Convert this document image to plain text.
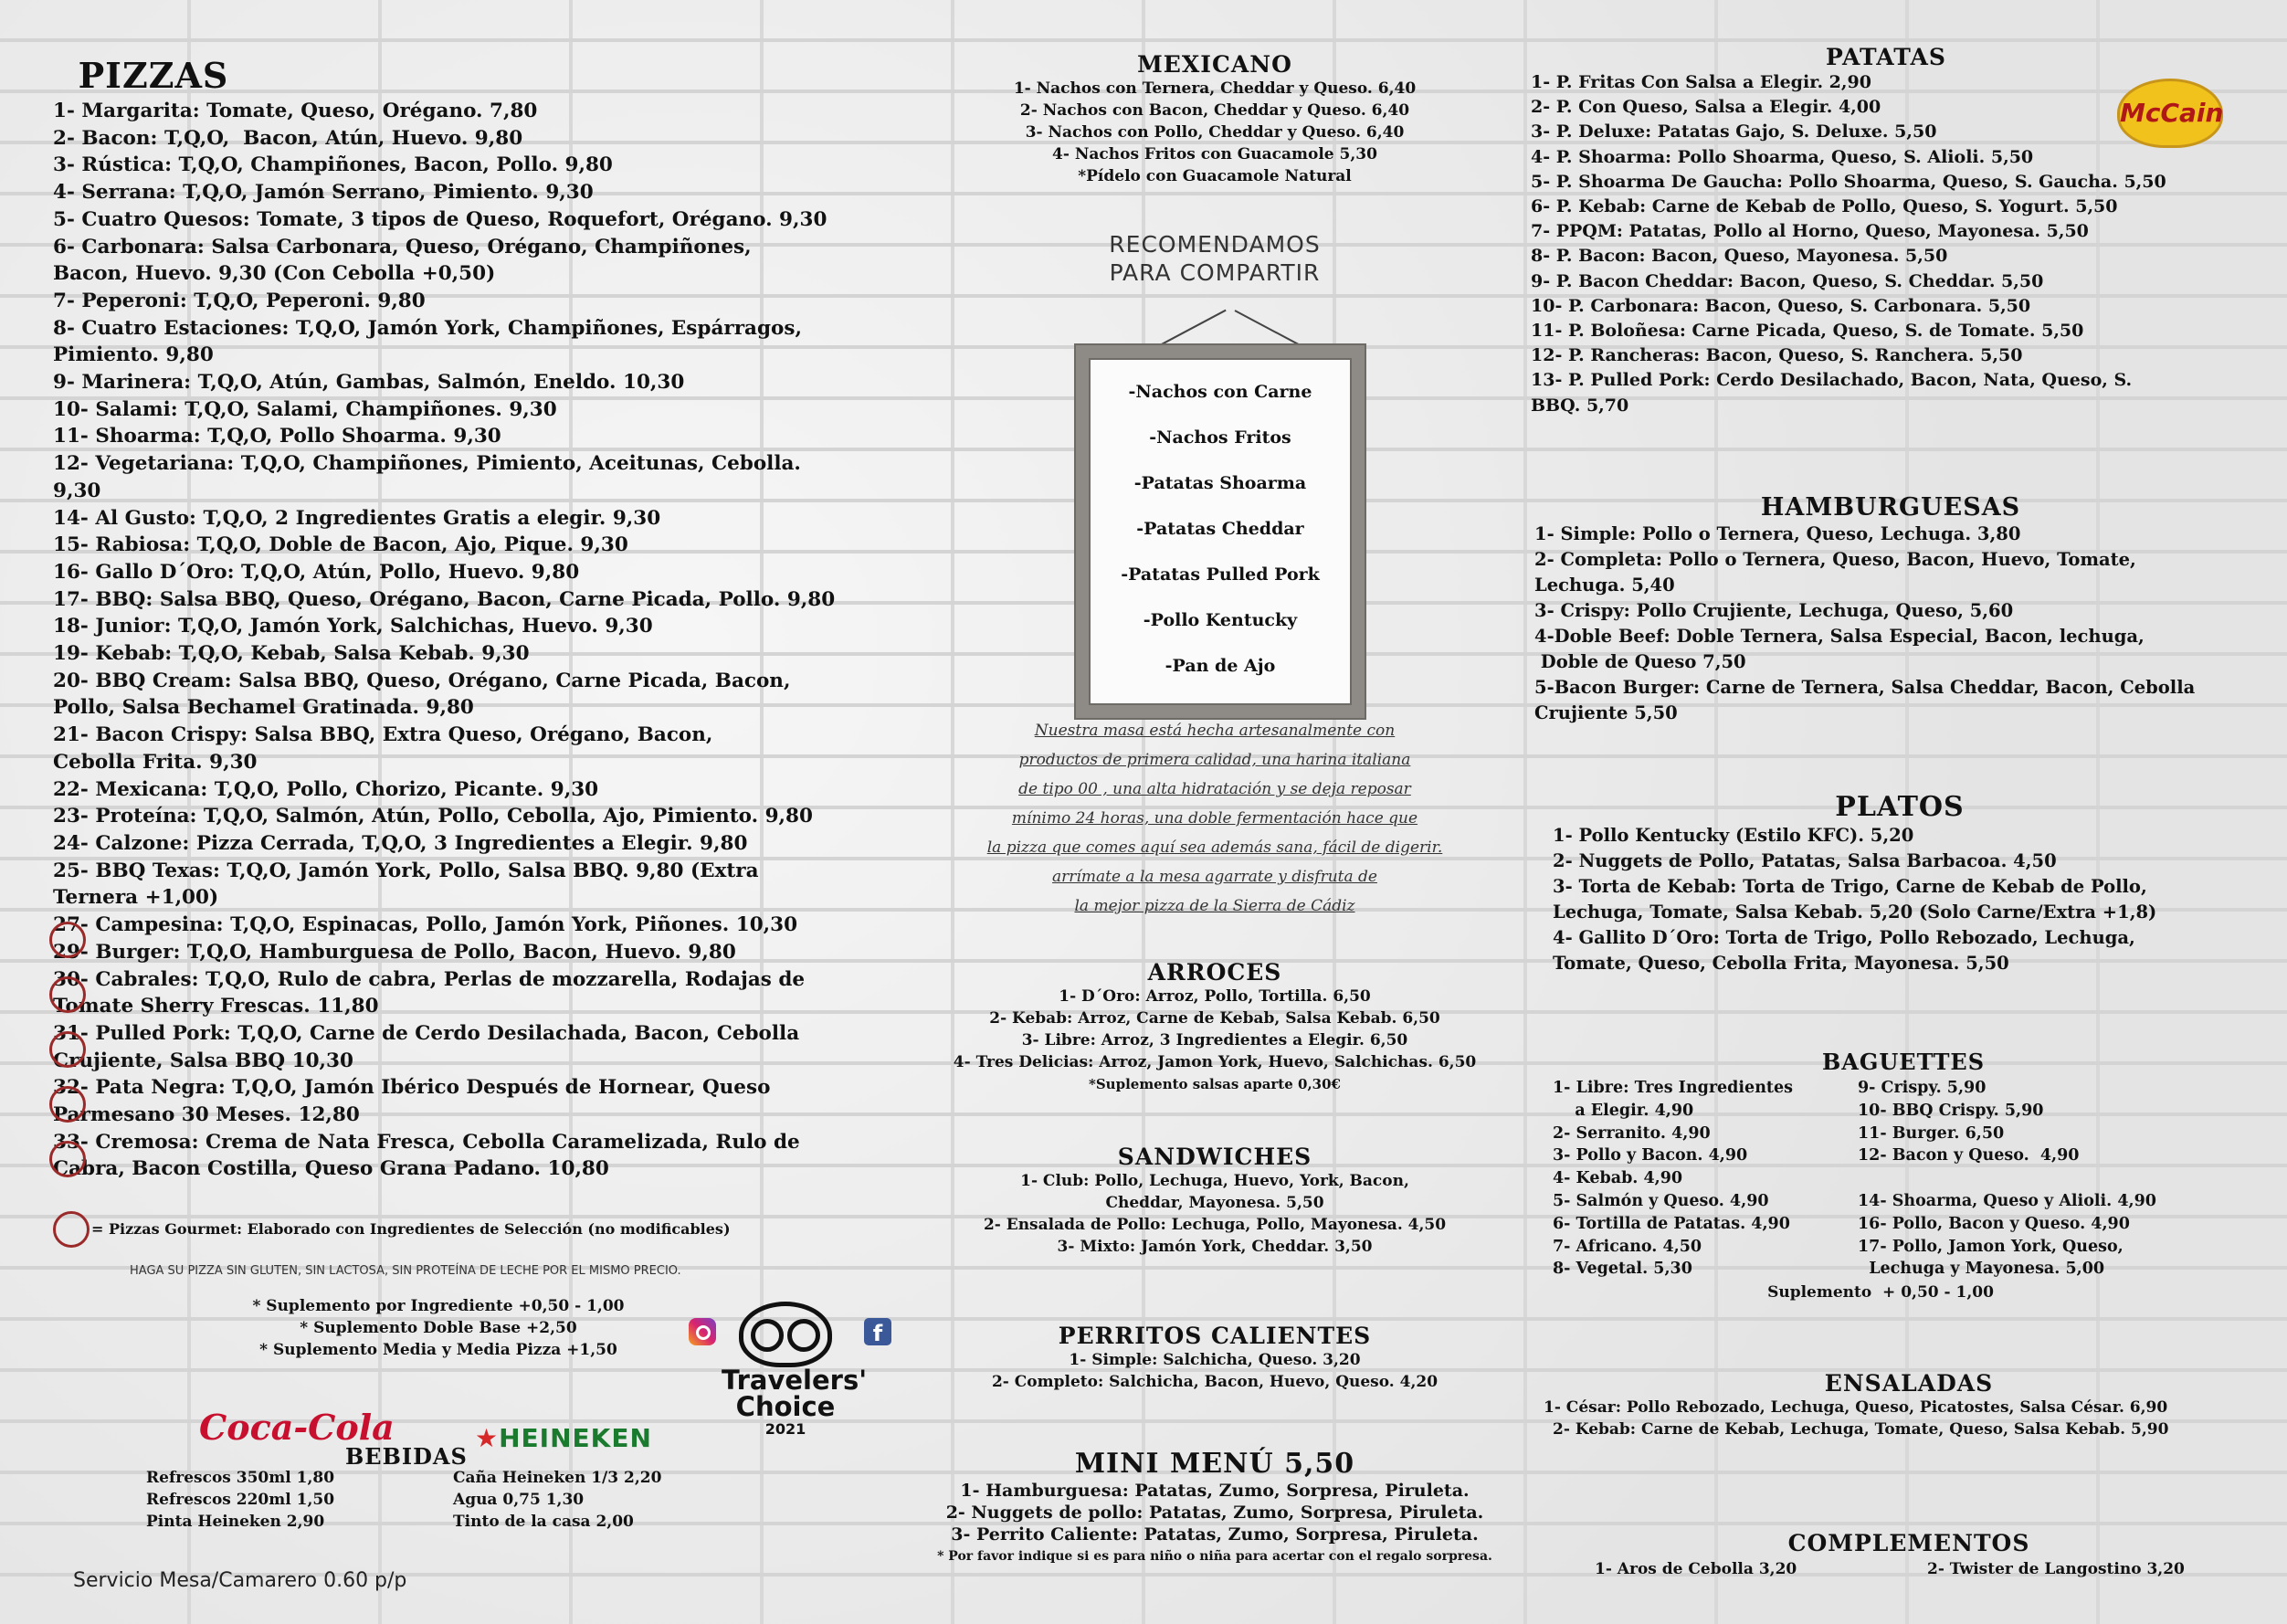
PIZZAS
1- Margarita: Tomate, Queso, Orégano. 7,80
2- Bacon: T,Q,O,  Bacon, Atún, Huevo. 9,80
3- Rústica: T,Q,O, Champiñones, Bacon, Pollo. 9,80
4- Serrana: T,Q,O, Jamón Serrano, Pimiento. 9,30
5- Cuatro Quesos: Tomate, 3 tipos de Queso, Roquefort, Orégano. 9,30
6- Carbonara: Salsa Carbonara, Queso, Orégano, Champiñones,
Bacon, Huevo. 9,30 (Con Cebolla +0,50)
7- Peperoni: T,Q,O, Peperoni. 9,80
8- Cuatro Estaciones: T,Q,O, Jamón York, Champiñones, Espárragos,
Pimiento. 9,80
9- Marinera: T,Q,O, Atún, Gambas, Salmón, Eneldo. 10,30
10- Salami: T,Q,O, Salami, Champiñones. 9,30
11- Shoarma: T,Q,O, Pollo Shoarma. 9,30
12- Vegetariana: T,Q,O, Champiñones, Pimiento, Aceitunas, Cebolla.
9,30
14- Al Gusto: T,Q,O, 2 Ingredientes Gratis a elegir. 9,30
15- Rabiosa: T,Q,O, Doble de Bacon, Ajo, Pique. 9,30
16- Gallo D´Oro: T,Q,O, Atún, Pollo, Huevo. 9,80
17- BBQ: Salsa BBQ, Queso, Orégano, Bacon, Carne Picada, Pollo. 9,80
18- Junior: T,Q,O, Jamón York, Salchichas, Huevo. 9,30
19- Kebab: T,Q,O, Kebab, Salsa Kebab. 9,30
20- BBQ Cream: Salsa BBQ, Queso, Orégano, Carne Picada, Bacon,
Pollo, Salsa Bechamel Gratinada. 9,80
21- Bacon Crispy: Salsa BBQ, Extra Queso, Orégano, Bacon,
Cebolla Frita. 9,30
22- Mexicana: T,Q,O, Pollo, Chorizo, Picante. 9,30
23- Proteína: T,Q,O, Salmón, Atún, Pollo, Cebolla, Ajo, Pimiento. 9,80
24- Calzone: Pizza Cerrada, T,Q,O, 3 Ingredientes a Elegir. 9,80
25- BBQ Texas: T,Q,O, Jamón York, Pollo, Salsa BBQ. 9,80 (Extra
Ternera +1,00)
27- Campesina: T,Q,O, Espinacas, Pollo, Jamón York, Piñones. 10,30
29- Burger: T,Q,O, Hamburguesa de Pollo, Bacon, Huevo. 9,80
30- Cabrales: T,Q,O, Rulo de cabra, Perlas de mozzarella, Rodajas de
Tomate Sherry Frescas. 11,80
31- Pulled Pork: T,Q,O, Carne de Cerdo Desilachada, Bacon, Cebolla
Crujiente, Salsa BBQ 10,30
32- Pata Negra: T,Q,O, Jamón Ibérico Después de Hornear, Queso
Parmesano 30 Meses. 12,80
33- Cremosa: Crema de Nata Fresca, Cebolla Caramelizada, Rulo de
Cabra, Bacon Costilla, Queso Grana Padano. 10,80
= Pizzas Gourmet: Elaborado con Ingredientes de Selección (no modificables)
HAGA SU PIZZA SIN GLUTEN, SIN LACTOSA, SIN PROTEÍNA DE LECHE POR EL MISMO PRECIO.
* Suplemento por Ingrediente +0,50 - 1,00
* Suplemento Doble Base +2,50
* Suplemento Media y Media Pizza +1,50
Coca-Cola	★HEINEKEN
BEBIDAS
Refrescos 350ml 1,80
Refrescos 220ml 1,50
Pinta Heineken 2,90
Caña Heineken 1/3 2,20
Agua 0,75 1,30
Tinto de la casa 2,00
Servicio Mesa/Camarero 0.60 p/p
MEXICANO
1- Nachos con Ternera, Cheddar y Queso. 6,40
2- Nachos con Bacon, Cheddar y Queso. 6,40
3- Nachos con Pollo, Cheddar y Queso. 6,40
4- Nachos Fritos con Guacamole 5,30
*Pídelo con Guacamole Natural
RECOMENDAMOS
PARA COMPARTIR
-Nachos con Carne
-Nachos Fritos
-Patatas Shoarma
-Patatas Cheddar
-Patatas Pulled Pork
-Pollo Kentucky
-Pan de Ajo
Nuestra masa está hecha artesanalmente con
productos de primera calidad, una harina italiana
de tipo 00 , una alta hidratación y se deja reposar
mínimo 24 horas, una doble fermentación hace que
la pizza que comes aquí sea además sana, fácil de digerir.
arrímate a la mesa agarrate y disfruta de
la mejor pizza de la Sierra de Cádiz
ARROCES
1- D´Oro: Arroz, Pollo, Tortilla. 6,50
2- Kebab: Arroz, Carne de Kebab, Salsa Kebab. 6,50
3- Libre: Arroz, 3 Ingredientes a Elegir. 6,50
4- Tres Delicias: Arroz, Jamon York, Huevo, Salchichas. 6,50
*Suplemento salsas aparte 0,30€
SANDWICHES
1- Club: Pollo, Lechuga, Huevo, York, Bacon,
Cheddar, Mayonesa. 5,50
2- Ensalada de Pollo: Lechuga, Pollo, Mayonesa. 4,50
3- Mixto: Jamón York, Cheddar. 3,50
f
Travelers'
Choice
2021
PERRITOS CALIENTES
1- Simple: Salchicha, Queso. 3,20
2- Completo: Salchicha, Bacon, Huevo, Queso. 4,20
MINI MENÚ 5,50
1- Hamburguesa: Patatas, Zumo, Sorpresa, Piruleta.
2- Nuggets de pollo: Patatas, Zumo, Sorpresa, Piruleta.
3- Perrito Caliente: Patatas, Zumo, Sorpresa, Piruleta.
* Por favor indique si es para niño o niña para acertar con el regalo sorpresa.
McCain
PATATAS
1- P. Fritas Con Salsa a Elegir. 2,90
2- P. Con Queso, Salsa a Elegir. 4,00
3- P. Deluxe: Patatas Gajo, S. Deluxe. 5,50
4- P. Shoarma: Pollo Shoarma, Queso, S. Alioli. 5,50
5- P. Shoarma De Gaucha: Pollo Shoarma, Queso, S. Gaucha. 5,50
6- P. Kebab: Carne de Kebab de Pollo, Queso, S. Yogurt. 5,50
7- PPQM: Patatas, Pollo al Horno, Queso, Mayonesa. 5,50
8- P. Bacon: Bacon, Queso, Mayonesa. 5,50
9- P. Bacon Cheddar: Bacon, Queso, S. Cheddar. 5,50
10- P. Carbonara: Bacon, Queso, S. Carbonara. 5,50
11- P. Boloñesa: Carne Picada, Queso, S. de Tomate. 5,50
12- P. Rancheras: Bacon, Queso, S. Ranchera. 5,50
13- P. Pulled Pork: Cerdo Desilachado, Bacon, Nata, Queso, S.
BBQ. 5,70
HAMBURGUESAS
1- Simple: Pollo o Ternera, Queso, Lechuga. 3,80
2- Completa: Pollo o Ternera, Queso, Bacon, Huevo, Tomate,
Lechuga. 5,40
3- Crispy: Pollo Crujiente, Lechuga, Queso, 5,60
4-Doble Beef: Doble Ternera, Salsa Especial, Bacon, lechuga,
Doble de Queso 7,50
5-Bacon Burger: Carne de Ternera, Salsa Cheddar, Bacon, Cebolla
Crujiente 5,50
PLATOS
1- Pollo Kentucky (Estilo KFC). 5,20
2- Nuggets de Pollo, Patatas, Salsa Barbacoa. 4,50
3- Torta de Kebab: Torta de Trigo, Carne de Kebab de Pollo,
Lechuga, Tomate, Salsa Kebab. 5,20 (Solo Carne/Extra +1,8)
4- Gallito D´Oro: Torta de Trigo, Pollo Rebozado, Lechuga,
Tomate, Queso, Cebolla Frita, Mayonesa. 5,50
BAGUETTES
1- Libre: Tres Ingredientes
a Elegir. 4,90
2- Serranito. 4,90
3- Pollo y Bacon. 4,90
4- Kebab. 4,90
5- Salmón y Queso. 4,90
6- Tortilla de Patatas. 4,90
7- Africano. 4,50
8- Vegetal. 5,30
9- Crispy. 5,90
10- BBQ Crispy. 5,90
11- Burger. 6,50
12- Bacon y Queso.  4,90
14- Shoarma, Queso y Alioli. 4,90
16- Pollo, Bacon y Queso. 4,90
17- Pollo, Jamon York, Queso,
Lechuga y Mayonesa. 5,00
Suplemento  + 0,50 - 1,00
ENSALADAS
1- César: Pollo Rebozado, Lechuga, Queso, Picatostes, Salsa César. 6,90
2- Kebab: Carne de Kebab, Lechuga, Tomate, Queso, Salsa Kebab. 5,90
COMPLEMENTOS
1- Aros de Cebolla 3,20	2- Twister de Langostino 3,20
